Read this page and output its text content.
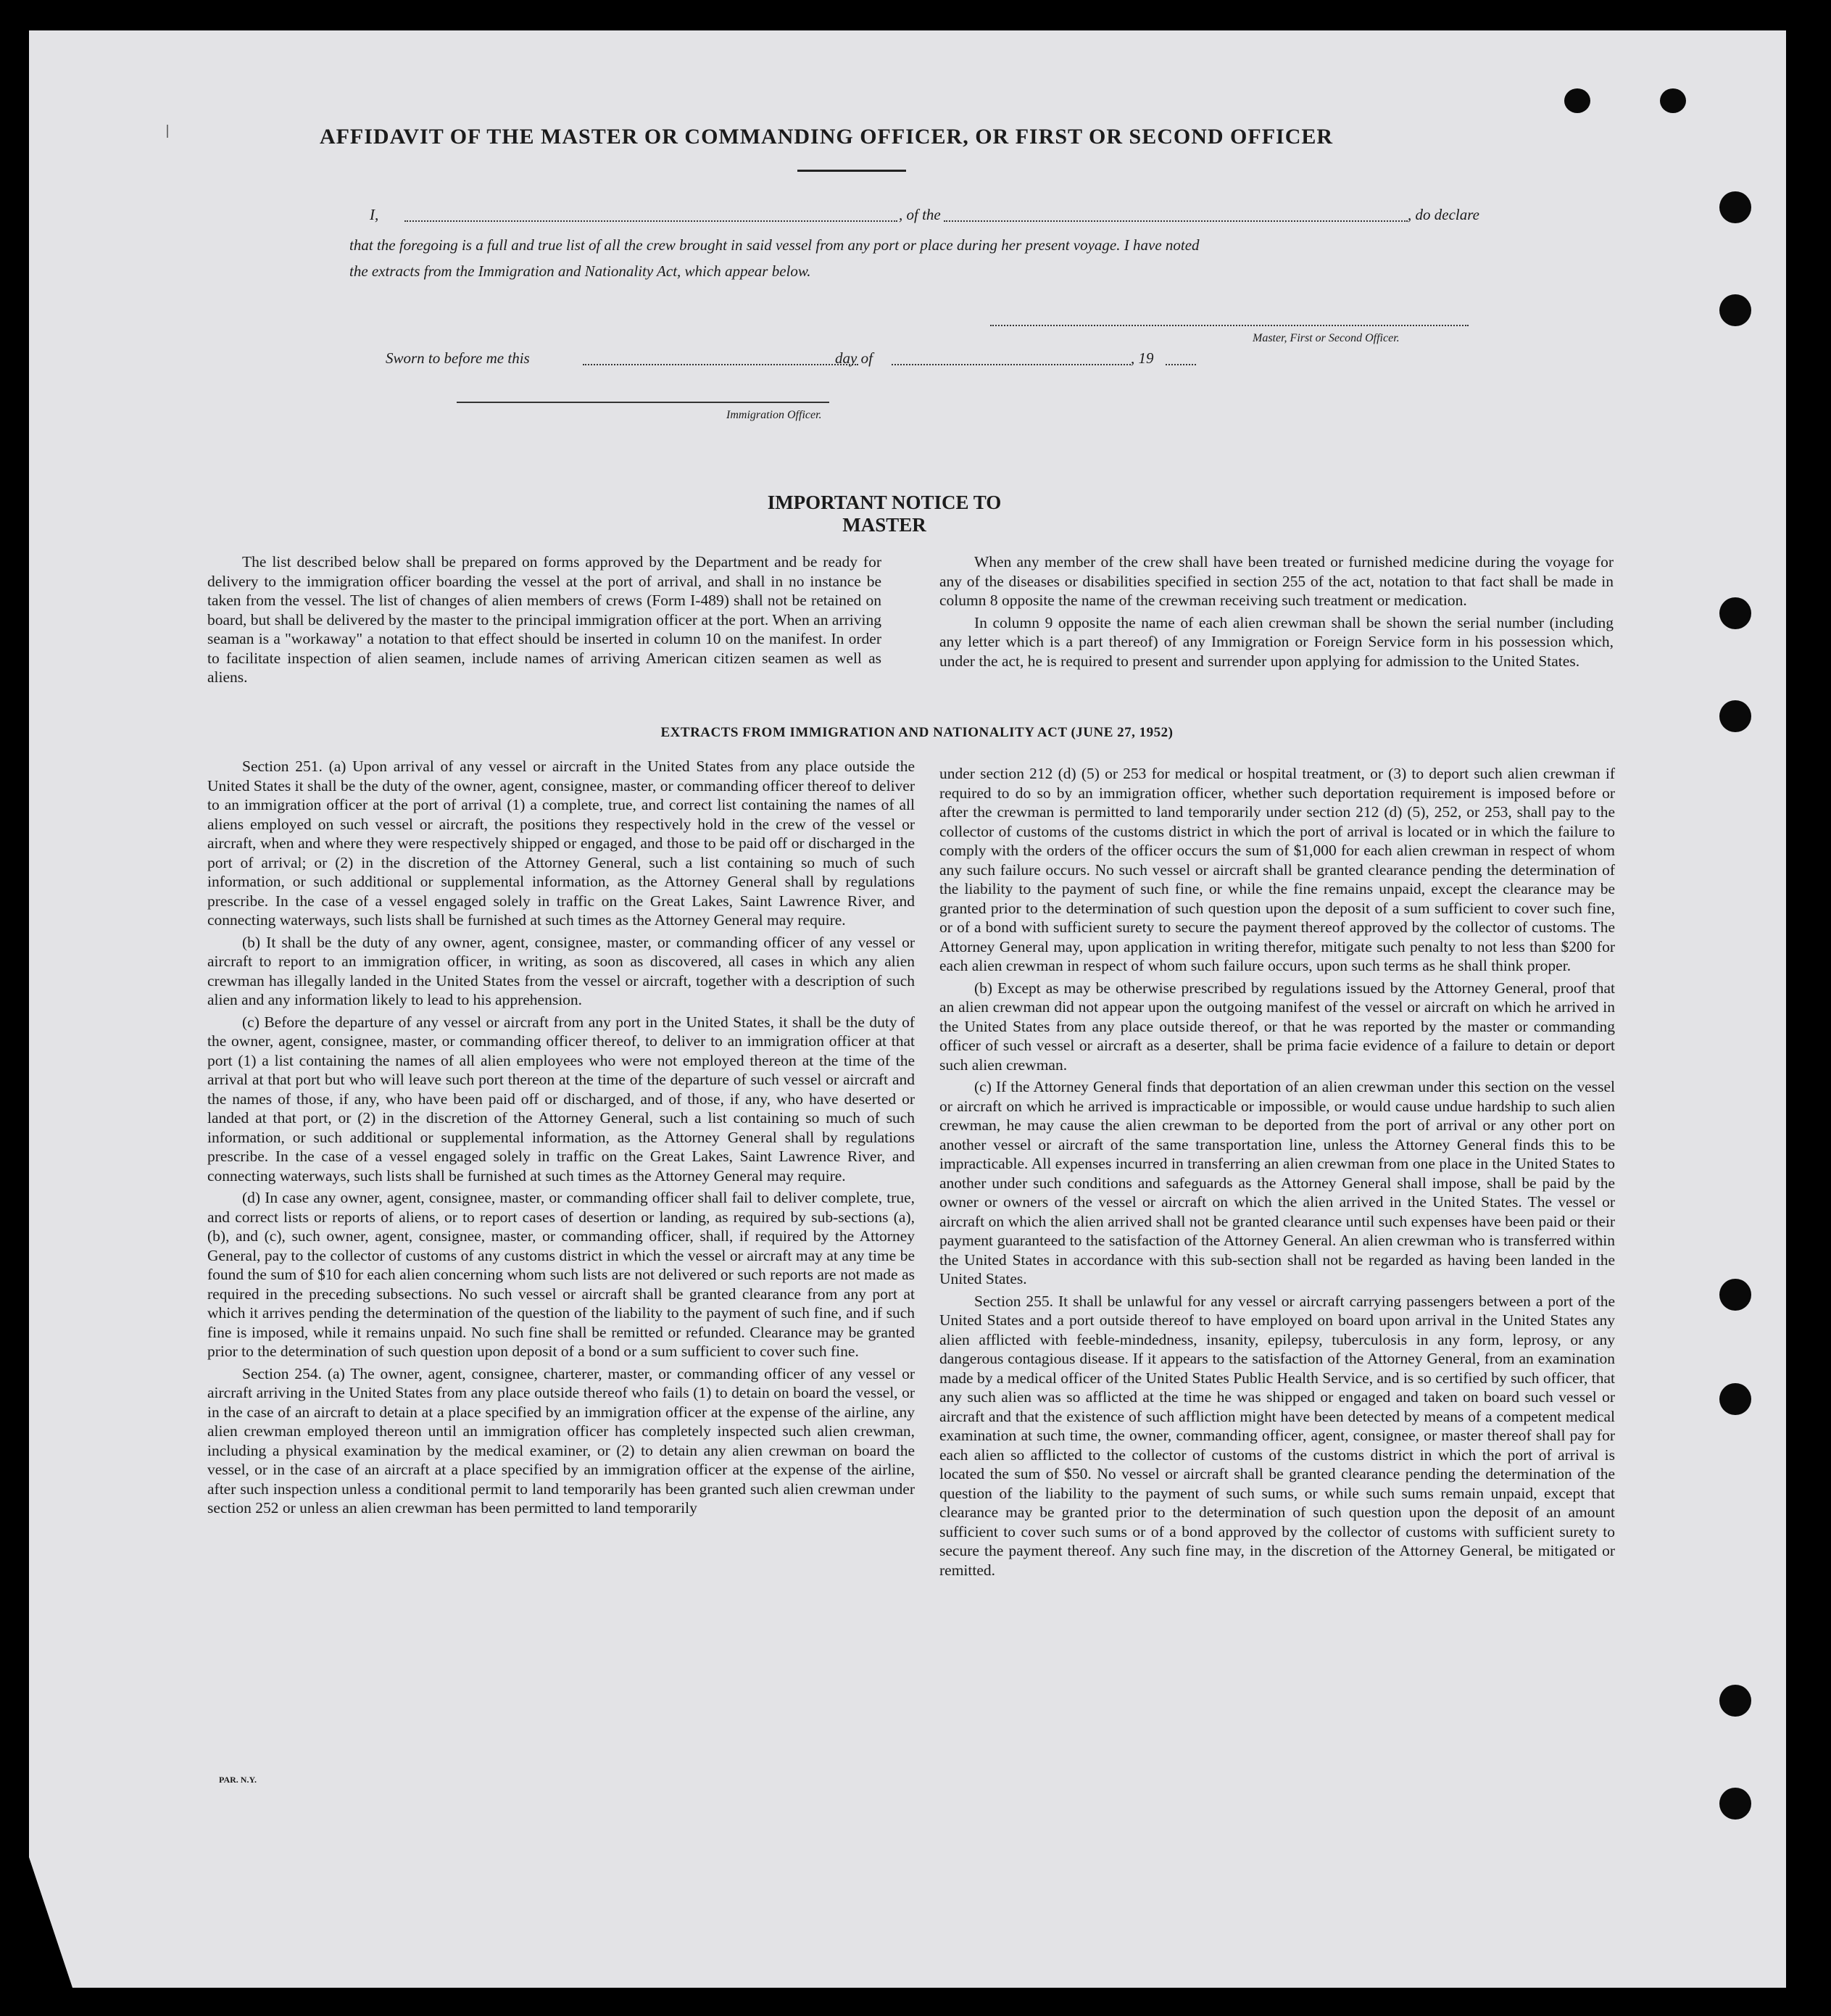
AFFIDAVIT OF THE MASTER OR COMMANDING OFFICER, OR FIRST OR SECOND OFFICER
I,	, of the	, do declare
that the foregoing is a full and true list of all the crew brought in said vessel from any port or place during her present voyage. I have noted
the extracts from the Immigration and Nationality Act, which appear below.
Master, First or Second Officer.
Sworn to before me this	day of	, 19
Immigration Officer.
IMPORTANT NOTICE TO MASTER

The list described below shall be prepared on forms approved by the Department and be ready for delivery to the immigration officer boarding the vessel at the port of arrival, and shall in no instance be taken from the vessel. The list of changes of alien members of crews (Form I-489) shall not be retained on board, but shall be delivered by the master to the principal immigration officer at the port. When an arriving seaman is a "workaway" a notation to that effect should be inserted in column 10 on the manifest. In order to facilitate inspection of alien seamen, include names of arriving American citizen seamen as well as aliens.

When any member of the crew shall have been treated or furnished medicine during the voyage for any of the diseases or disabilities specified in section 255 of the act, notation to that fact shall be made in column 8 opposite the name of the crewman receiving such treatment or medication.

In column 9 opposite the name of each alien crewman shall be shown the serial number (including any letter which is a part thereof) of any Immigration or Foreign Service form in his possession which, under the act, he is required to present and surrender upon applying for admission to the United States.

EXTRACTS FROM IMMIGRATION AND NATIONALITY ACT (JUNE 27, 1952)

Section 251. (a) Upon arrival of any vessel or aircraft in the United States from any place outside the United States it shall be the duty of the owner, agent, consignee, master, or commanding officer thereof to deliver to an immigration officer at the port of arrival (1) a complete, true, and correct list containing the names of all aliens employed on such vessel or aircraft, the positions they respectively hold in the crew of the vessel or aircraft, when and where they were respectively shipped or engaged, and those to be paid off or discharged in the port of arrival; or (2) in the discretion of the Attorney General, such a list containing so much of such information, or such additional or supplemental information, as the Attorney General shall by regulations prescribe. In the case of a vessel engaged solely in traffic on the Great Lakes, Saint Lawrence River, and connecting waterways, such lists shall be furnished at such times as the Attorney General may require.

(b) It shall be the duty of any owner, agent, consignee, master, or commanding officer of any vessel or aircraft to report to an immigration officer, in writing, as soon as discovered, all cases in which any alien crewman has illegally landed in the United States from the vessel or aircraft, together with a description of such alien and any information likely to lead to his apprehension.

(c) Before the departure of any vessel or aircraft from any port in the United States, it shall be the duty of the owner, agent, consignee, master, or commanding officer thereof, to deliver to an immigration officer at that port (1) a list containing the names of all alien employees who were not employed thereon at the time of the arrival at that port but who will leave such port thereon at the time of the departure of such vessel or aircraft and the names of those, if any, who have been paid off or discharged, and of those, if any, who have deserted or landed at that port, or (2) in the discretion of the Attorney General, such a list containing so much of such information, or such additional or supplemental information, as the Attorney General shall by regulations prescribe. In the case of a vessel engaged solely in traffic on the Great Lakes, Saint Lawrence River, and connecting waterways, such lists shall be furnished at such times as the Attorney General may require.

(d) In case any owner, agent, consignee, master, or commanding officer shall fail to deliver complete, true, and correct lists or reports of aliens, or to report cases of desertion or landing, as required by sub-sections (a), (b), and (c), such owner, agent, consignee, master, or commanding officer, shall, if required by the Attorney General, pay to the collector of customs of any customs district in which the vessel or aircraft may at any time be found the sum of $10 for each alien concerning whom such lists are not delivered or such reports are not made as required in the preceding subsections. No such vessel or aircraft shall be granted clearance from any port at which it arrives pending the determination of the question of the liability to the payment of such fine, and if such fine is imposed, while it remains unpaid. No such fine shall be remitted or refunded. Clearance may be granted prior to the determination of such question upon deposit of a bond or a sum sufficient to cover such fine.

Section 254. (a) The owner, agent, consignee, charterer, master, or commanding officer of any vessel or aircraft arriving in the United States from any place outside thereof who fails (1) to detain on board the vessel, or in the case of an aircraft to detain at a place specified by an immigration officer at the expense of the airline, any alien crewman employed thereon until an immigration officer has completely inspected such alien crewman, including a physical examination by the medical examiner, or (2) to detain any alien crewman on board the vessel, or in the case of an aircraft at a place specified by an immigration officer at the expense of the airline, after such inspection unless a conditional permit to land temporarily has been granted such alien crewman under section 252 or unless an alien crewman has been permitted to land temporarily

under section 212 (d) (5) or 253 for medical or hospital treatment, or (3) to deport such alien crewman if required to do so by an immigration officer, whether such deportation requirement is imposed before or after the crewman is permitted to land temporarily under section 212 (d) (5), 252, or 253, shall pay to the collector of customs of the customs district in which the port of arrival is located or in which the failure to comply with the orders of the officer occurs the sum of $1,000 for each alien crewman in respect of whom any such failure occurs. No such vessel or aircraft shall be granted clearance pending the determination of the liability to the payment of such fine, or while the fine remains unpaid, except the clearance may be granted prior to the determination of such question upon the deposit of a sum sufficient to cover such fine, or of a bond with sufficient surety to secure the payment thereof approved by the collector of customs. The Attorney General may, upon application in writing therefor, mitigate such penalty to not less than $200 for each alien crewman in respect of whom such failure occurs, upon such terms as he shall think proper.

(b) Except as may be otherwise prescribed by regulations issued by the Attorney General, proof that an alien crewman did not appear upon the outgoing manifest of the vessel or aircraft on which he arrived in the United States from any place outside thereof, or that he was reported by the master or commanding officer of such vessel or aircraft as a deserter, shall be prima facie evidence of a failure to detain or deport such alien crewman.

(c) If the Attorney General finds that deportation of an alien crewman under this section on the vessel or aircraft on which he arrived is impracticable or impossible, or would cause undue hardship to such alien crewman, he may cause the alien crewman to be deported from the port of arrival or any other port on another vessel or aircraft of the same transportation line, unless the Attorney General finds this to be impracticable. All expenses incurred in transferring an alien crewman from one place in the United States to another under such conditions and safeguards as the Attorney General shall impose, shall be paid by the owner or owners of the vessel or aircraft on which the alien arrived in the United States. The vessel or aircraft on which the alien arrived shall not be granted clearance until such expenses have been paid or their payment guaranteed to the satisfaction of the Attorney General. An alien crewman who is transferred within the United States in accordance with this sub-section shall not be regarded as having been landed in the United States.

Section 255. It shall be unlawful for any vessel or aircraft carrying passengers between a port of the United States and a port outside thereof to have employed on board upon arrival in the United States any alien afflicted with feeble-mindedness, insanity, epilepsy, tuberculosis in any form, leprosy, or any dangerous contagious disease. If it appears to the satisfaction of the Attorney General, from an examination made by a medical officer of the United States Public Health Service, and is so certified by such officer, that any such alien was so afflicted at the time he was shipped or engaged and taken on board such vessel or aircraft and that the existence of such affliction might have been detected by means of a competent medical examination at such time, the owner, commanding officer, agent, consignee, or master thereof shall pay for each alien so afflicted to the collector of customs of the customs district in which the port of arrival is located the sum of $50. No vessel or aircraft shall be granted clearance pending the determination of the question of the liability to the payment of such sums, or while such sums remain unpaid, except that clearance may be granted prior to the determination of such question upon the deposit of an amount sufficient to cover such sums or of a bond approved by the collector of customs with sufficient surety to secure the payment thereof. Any such fine may, in the discretion of the Attorney General, be mitigated or remitted.

PAR. N.Y.
